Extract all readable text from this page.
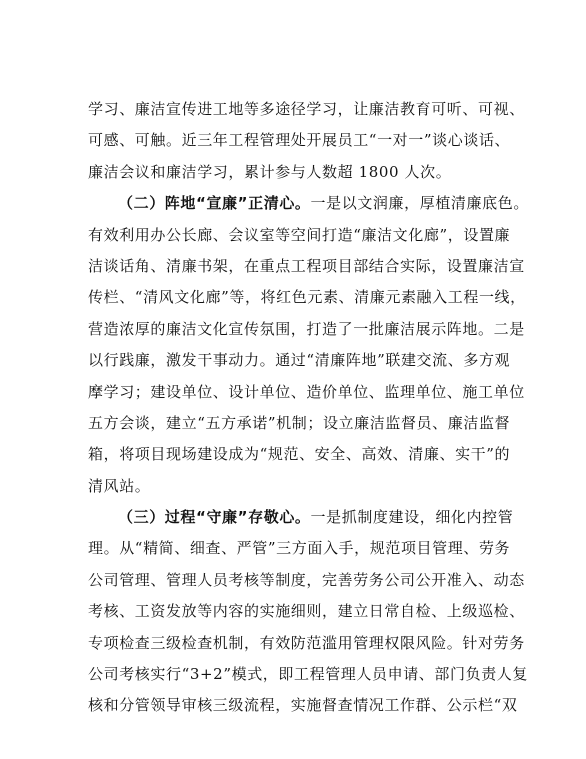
学习、廉洁宣传进工地等多途径学习，让廉洁教育可听、可视、
可感、可触。近三年工程管理处开展员工“一对一”谈心谈话、
廉洁会议和廉洁学习，累计参与人数超 1800 人次。
（二）阵地“宣廉”正清心。一是以文润廉，厚植清廉底色。
有效利用办公长廊、会议室等空间打造“廉洁文化廊”，设置廉
洁谈话角、清廉书架，在重点工程项目部结合实际，设置廉洁宣
传栏、“清风文化廊”等，将红色元素、清廉元素融入工程一线，
营造浓厚的廉洁文化宣传氛围，打造了一批廉洁展示阵地。二是
以行践廉，激发干事动力。通过“清廉阵地”联建交流、多方观
摩学习；建设单位、设计单位、造价单位、监理单位、施工单位
五方会谈，建立“五方承诺”机制；设立廉洁监督员、廉洁监督
箱，将项目现场建设成为“规范、安全、高效、清廉、实干”的
清风站。
（三）过程“守廉”存敬心。一是抓制度建设，细化内控管
理。从“精简、细查、严管”三方面入手，规范项目管理、劳务
公司管理、管理人员考核等制度，完善劳务公司公开准入、动态
考核、工资发放等内容的实施细则，建立日常自检、上级巡检、
专项检查三级检查机制，有效防范滥用管理权限风险。针对劳务
公司考核实行“3+2”模式，即工程管理人员申请、部门负责人复
核和分管领导审核三级流程，实施督查情况工作群、公示栏“双
